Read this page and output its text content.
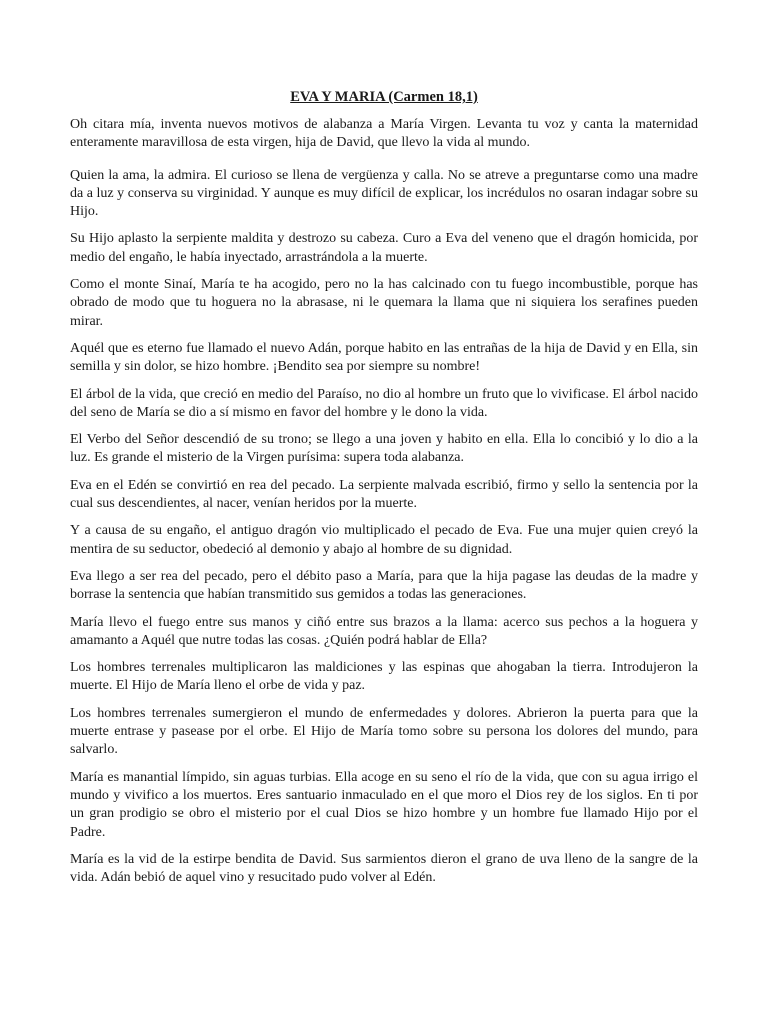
EVA Y MARIA (Carmen 18,1)

Oh citara mía, inventa nuevos motivos de alabanza a María Virgen. Levanta tu voz y canta la maternidad enteramente maravillosa de esta virgen, hija de David, que llevo la vida al mundo.

Quien la ama, la admira. El curioso se llena de vergüenza y calla. No se atreve a preguntarse como una madre da a luz y conserva su virginidad. Y aunque es muy difícil de explicar, los incrédulos no osaran indagar sobre su Hijo.

Su Hijo aplasto la serpiente maldita y destrozo su cabeza. Curo a Eva del veneno que el dragón homicida, por medio del engaño, le había inyectado, arrastrándola a la muerte.

Como el monte Sinaí, María te ha acogido, pero no la has calcinado con tu fuego incombustible, porque has obrado de modo que tu hoguera no la abrasase, ni le quemara la llama que ni siquiera los serafines pueden mirar.

Aquél que es eterno fue llamado el nuevo Adán, porque habito en las entrañas de la hija de David y en Ella, sin semilla y sin dolor, se hizo hombre. ¡Bendito sea por siempre su nombre!

El árbol de la vida, que creció en medio del Paraíso, no dio al hombre un fruto que lo vivificase. El árbol nacido del seno de María se dio a sí mismo en favor del hombre y le dono la vida.

El Verbo del Señor descendió de su trono; se llego a una joven y habito en ella. Ella lo concibió y lo dio a la luz. Es grande el misterio de la Virgen purísima: supera toda alabanza.

Eva en el Edén se convirtió en rea del pecado. La serpiente malvada escribió, firmo y sello la sentencia por la cual sus descendientes, al nacer, venían heridos por la muerte.

Y a causa de su engaño, el antiguo dragón vio multiplicado el pecado de Eva. Fue una mujer quien creyó la mentira de su seductor, obedeció al demonio y abajo al hombre de su dignidad.

Eva llego a ser rea del pecado, pero el débito paso a María, para que la hija pagase las deudas de la madre y borrase la sentencia que habían transmitido sus gemidos a todas las generaciones.

María llevo el fuego entre sus manos y ciñó entre sus brazos a la llama: acerco sus pechos a la hoguera y amamanto a Aquél que nutre todas las cosas. ¿Quién podrá hablar de Ella?

Los hombres terrenales multiplicaron las maldiciones y las espinas que ahogaban la tierra. Introdujeron la muerte. El Hijo de María lleno el orbe de vida y paz.

Los hombres terrenales sumergieron el mundo de enfermedades y dolores. Abrieron la puerta para que la muerte entrase y pasease por el orbe. El Hijo de María tomo sobre su persona los dolores del mundo, para salvarlo.

María es manantial límpido, sin aguas turbias. Ella acoge en su seno el río de la vida, que con su agua irrigo el mundo y vivifico a los muertos. Eres santuario inmaculado en el que moro el Dios rey de los siglos. En ti por un gran prodigio se obro el misterio por el cual Dios se hizo hombre y un hombre fue llamado Hijo por el Padre.

María es la vid de la estirpe bendita de David. Sus sarmientos dieron el grano de uva lleno de la sangre de la vida. Adán bebió de aquel vino y resucitado pudo volver al Edén.
